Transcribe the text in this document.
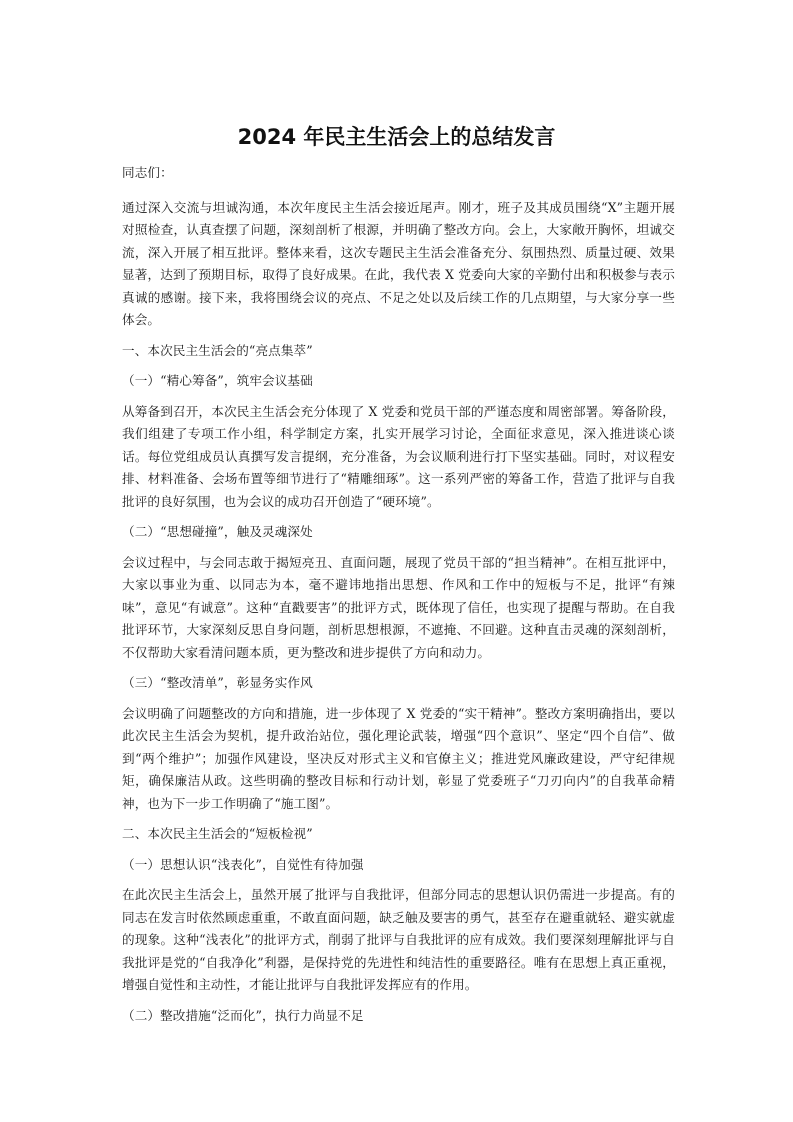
2024 年民主生活会上的总结发言
同志们：
通过深入交流与坦诚沟通，本次年度民主生活会接近尾声。刚才，班子及其成员围绕“X”主题开展对照检查，认真查摆了问题，深刻剖析了根源，并明确了整改方向。会上，大家敞开胸怀，坦诚交流，深入开展了相互批评。整体来看，这次专题民主生活会准备充分、氛围热烈、质量过硬、效果显著，达到了预期目标，取得了良好成果。在此，我代表 X 党委向大家的辛勤付出和积极参与表示真诚的感谢。接下来，我将围绕会议的亮点、不足之处以及后续工作的几点期望，与大家分享一些体会。
一、本次民主生活会的“亮点集萃”
（一）“精心筹备”，筑牢会议基础
从筹备到召开，本次民主生活会充分体现了 X 党委和党员干部的严谨态度和周密部署。筹备阶段，我们组建了专项工作小组，科学制定方案，扎实开展学习讨论，全面征求意见，深入推进谈心谈话。每位党组成员认真撰写发言提纲，充分准备，为会议顺利进行打下坚实基础。同时，对议程安排、材料准备、会场布置等细节进行了“精雕细琢”。这一系列严密的筹备工作，营造了批评与自我批评的良好氛围，也为会议的成功召开创造了“硬环境”。
（二）“思想碰撞”，触及灵魂深处
会议过程中，与会同志敢于揭短亮丑、直面问题，展现了党员干部的“担当精神”。在相互批评中，大家以事业为重、以同志为本，毫不避讳地指出思想、作风和工作中的短板与不足，批评“有辣味”，意见“有诚意”。这种“直戳要害”的批评方式，既体现了信任，也实现了提醒与帮助。在自我批评环节，大家深刻反思自身问题，剖析思想根源，不遮掩、不回避。这种直击灵魂的深刻剖析，不仅帮助大家看清问题本质，更为整改和进步提供了方向和动力。
（三）“整改清单”，彰显务实作风
会议明确了问题整改的方向和措施，进一步体现了 X 党委的“实干精神”。整改方案明确指出，要以此次民主生活会为契机，提升政治站位，强化理论武装，增强“四个意识”、坚定“四个自信”、做到“两个维护”；加强作风建设，坚决反对形式主义和官僚主义；推进党风廉政建设，严守纪律规矩，确保廉洁从政。这些明确的整改目标和行动计划，彰显了党委班子“刀刃向内”的自我革命精神，也为下一步工作明确了“施工图”。
二、本次民主生活会的“短板检视”
（一）思想认识“浅表化”，自觉性有待加强
在此次民主生活会上，虽然开展了批评与自我批评，但部分同志的思想认识仍需进一步提高。有的同志在发言时依然顾虑重重，不敢直面问题，缺乏触及要害的勇气，甚至存在避重就轻、避实就虚的现象。这种“浅表化”的批评方式，削弱了批评与自我批评的应有成效。我们要深刻理解批评与自我批评是党的“自我净化”利器，是保持党的先进性和纯洁性的重要路径。唯有在思想上真正重视，增强自觉性和主动性，才能让批评与自我批评发挥应有的作用。
（二）整改措施“泛而化”，执行力尚显不足
